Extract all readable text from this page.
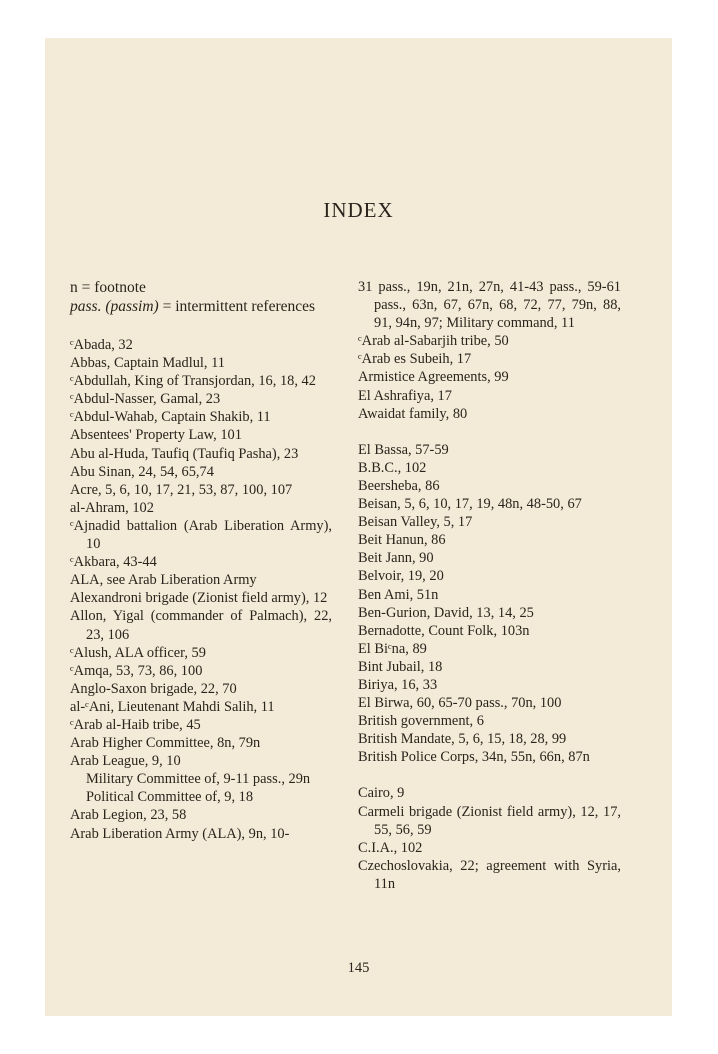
INDEX
n = footnote
pass. (passim) = intermittent references
ᶜAbada, 32
Abbas, Captain Madlul, 11
ᶜAbdullah, King of Transjordan, 16, 18, 42
ᶜAbdul-Nasser, Gamal, 23
ᶜAbdul-Wahab, Captain Shakib, 11
Absentees' Property Law, 101
Abu al-Huda, Taufiq (Taufiq Pasha), 23
Abu Sinan, 24, 54, 65,74
Acre, 5, 6, 10, 17, 21, 53, 87, 100, 107
al-Ahram, 102
ᶜAjnadid battalion (Arab Liberation Army), 10
ᶜAkbara, 43-44
ALA, see Arab Liberation Army
Alexandroni brigade (Zionist field army), 12
Allon, Yigal (commander of Palmach), 22, 23, 106
ᶜAlush, ALA officer, 59
ᶜAmqa, 53, 73, 86, 100
Anglo-Saxon brigade, 22, 70
al-ᶜAni, Lieutenant Mahdi Salih, 11
ᶜArab al-Haib tribe, 45
Arab Higher Committee, 8n, 79n
Arab League, 9, 10
Military Committee of, 9-11 pass., 29n
Political Committee of, 9, 18
Arab Legion, 23, 58
Arab Liberation Army (ALA), 9n, 10-
31 pass., 19n, 21n, 27n, 41-43 pass., 59-61 pass., 63n, 67, 67n, 68, 72, 77, 79n, 88, 91, 94n, 97; Military command, 11
ᶜArab al-Sabarjih tribe, 50
ᶜArab es Subeih, 17
Armistice Agreements, 99
El Ashrafiya, 17
Awaidat family, 80
El Bassa, 57-59
B.B.C., 102
Beersheba, 86
Beisan, 5, 6, 10, 17, 19, 48n, 48-50, 67
Beisan Valley, 5, 17
Beit Hanun, 86
Beit Jann, 90
Belvoir, 19, 20
Ben Ami, 51n
Ben-Gurion, David, 13, 14, 25
Bernadotte, Count Folk, 103n
El Biᶜna, 89
Bint Jubail, 18
Biriya, 16, 33
El Birwa, 60, 65-70 pass., 70n, 100
British government, 6
British Mandate, 5, 6, 15, 18, 28, 99
British Police Corps, 34n, 55n, 66n, 87n
Cairo, 9
Carmeli brigade (Zionist field army), 12, 17, 55, 56, 59
C.I.A., 102
Czechoslovakia, 22; agreement with Syria, 11n
145
